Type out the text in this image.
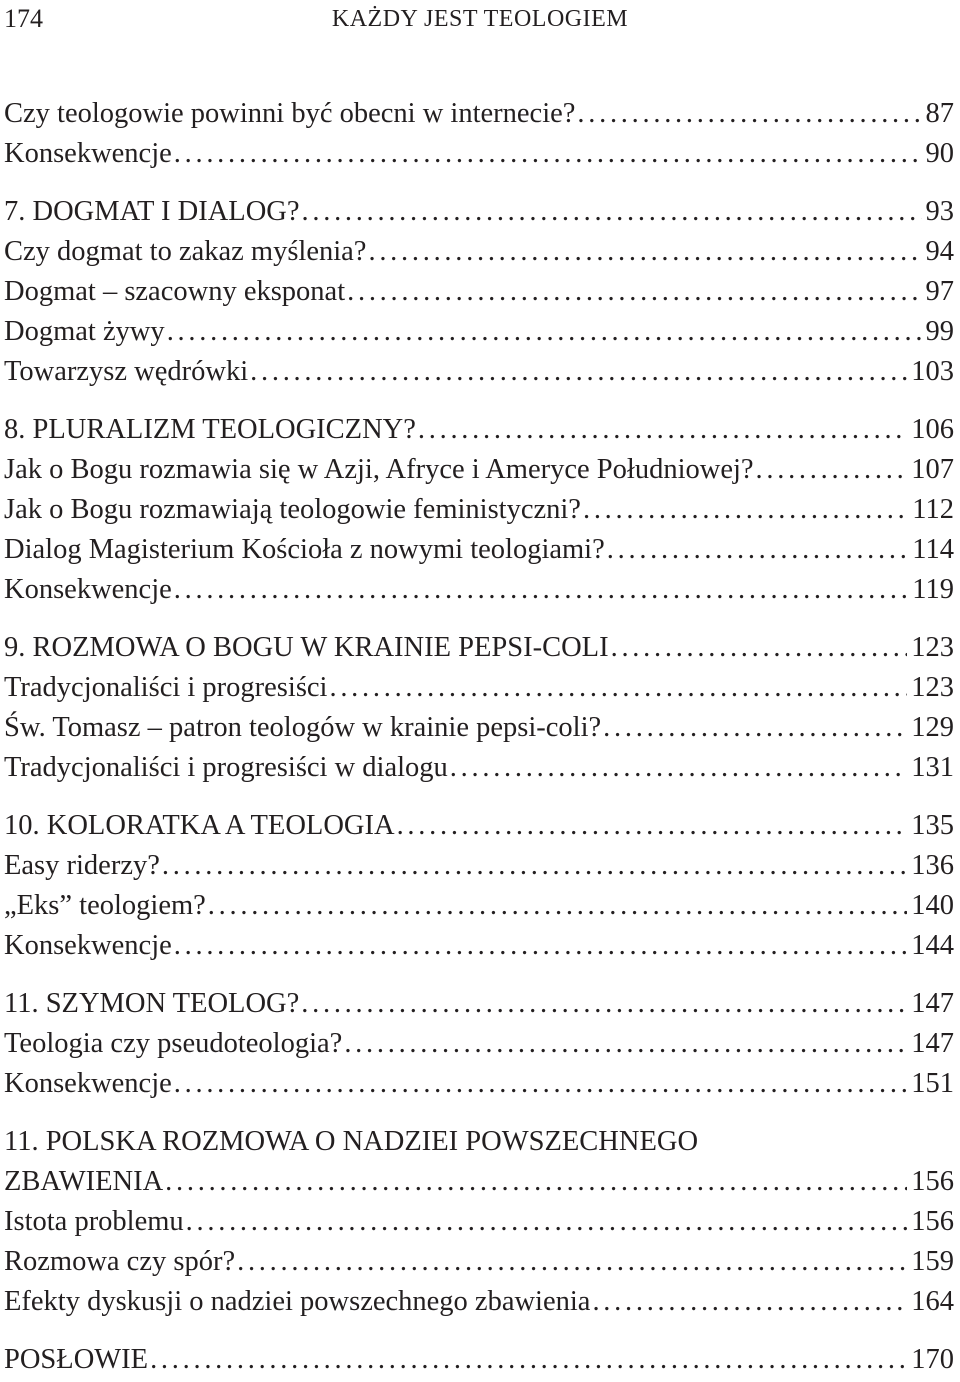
174	KAŻDY JEST TEOLOGIEM
Czy teologowie powinni być obecni w internecie? . . .	87
Konsekwencje . . .	90
7. DOGMAT I DIALOG? . . .	93
Czy dogmat to zakaz myślenia? . . .	94
Dogmat – szacowny eksponat . . .	97
Dogmat żywy . . .	99
Towarzysz wędrówki . . .	103
8. PLURALIZM TEOLOGICZNY? . . .	106
Jak o Bogu rozmawia się w Azji, Afryce i Ameryce Południowej? . . .	107
Jak o Bogu rozmawiają teologowie feministyczni? . . .	112
Dialog Magisterium Kościoła z nowymi teologiami? . . .	114
Konsekwencje . . .	119
9. ROZMOWA O BOGU W KRAINIE PEPSI-COLI . . .	123
Tradycjonaliści i progresiści . . .	123
Św. Tomasz – patron teologów w krainie pepsi-coli? . . .	129
Tradycjonaliści i progresiści w dialogu . . .	131
10. KOLORATKA A TEOLOGIA . . .	135
Easy riderzy? . . .	136
„Eks” teologiem? . . .	140
Konsekwencje . . .	144
11. SZYMON TEOLOG? . . .	147
Teologia czy pseudoteologia? . . .	147
Konsekwencje . . .	151
11. POLSKA ROZMOWA O NADZIEI POWSZECHNEGO
ZBAWIENIA . . .	156
Istota problemu . . .	156
Rozmowa czy spór? . . .	159
Efekty dyskusji o nadziei powszechnego zbawienia . . .	164
POSŁOWIE . . .	170
